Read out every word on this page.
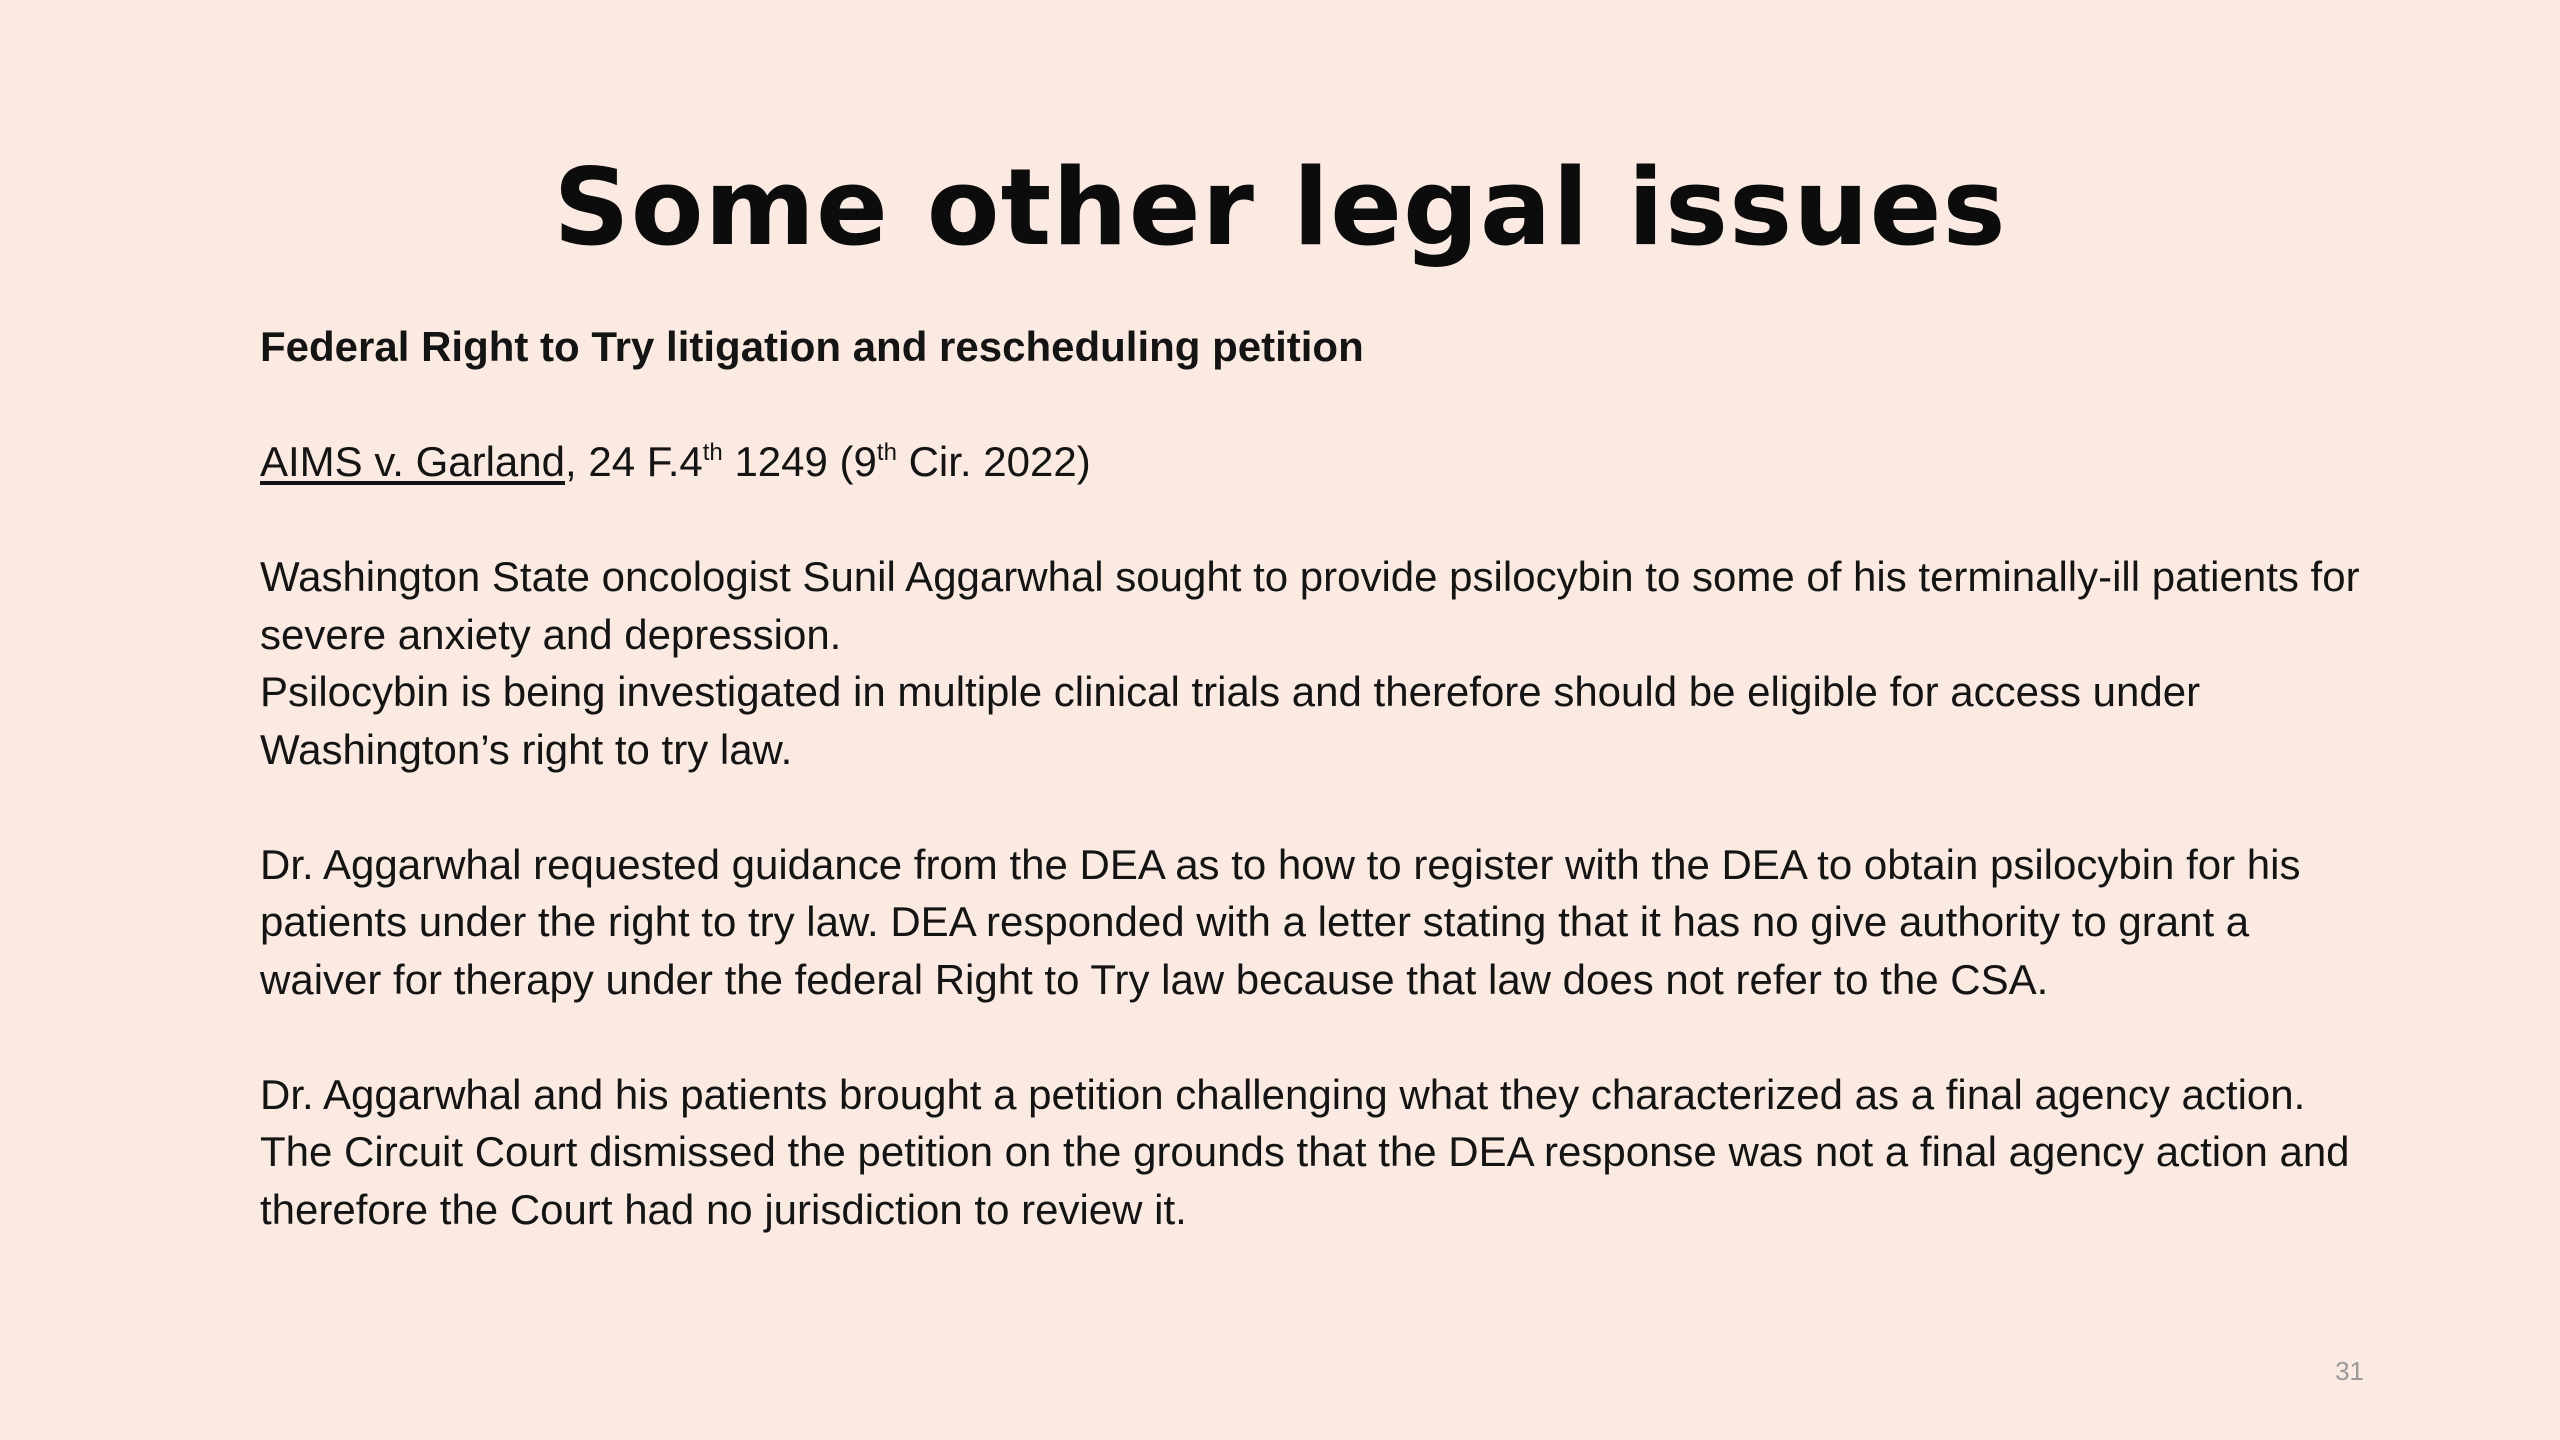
Some other legal issues

Federal Right to Try litigation and rescheduling petition

AIMS v. Garland, 24 F.4th 1249 (9th Cir. 2022)

Washington State oncologist Sunil Aggarwhal sought to provide psilocybin to some of his terminally-ill patients for severe anxiety and depression.

Psilocybin is being investigated in multiple clinical trials and therefore should be eligible for access under Washington’s right to try law.

Dr. Aggarwhal requested guidance from the DEA as to how to register with the DEA to obtain psilocybin for his patients under the right to try law. DEA responded with a letter stating that it has no give authority to grant a waiver for therapy under the federal Right to Try law because that law does not refer to the CSA.

Dr. Aggarwhal and his patients brought a petition challenging what they characterized as a final agency action. The Circuit Court dismissed the petition on the grounds that the DEA response was not a final agency action and therefore the Court had no jurisdiction to review it.

31
